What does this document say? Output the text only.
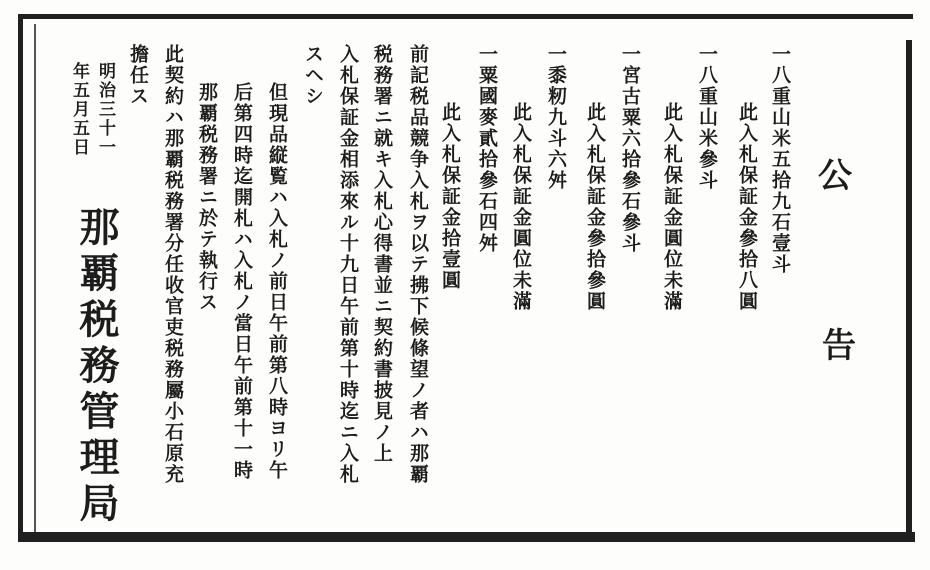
公
告
一八重山米五拾九石壹斗
此入札保証金參拾八圓
一八重山米參斗
此入札保証金圓位未滿
一宮古粟六拾參石參斗
此入札保証金參拾參圓
一黍籾九斗六舛
此入札保証金圓位未滿
一粟國麥貳拾參石四舛
此入札保証金拾壹圓
前記税品競争入札ヲ以テ拂下候條望ノ者ハ那覇
税務署ニ就キ入札心得書並ニ契約書披見ノ上
入札保証金相添來ル十九日午前第十時迄ニ入札
スヘシ
但現品縦覧ハ入札ノ前日午前第八時ヨリ午
后第四時迄開札ハ入札ノ當日午前第十一時
那覇税務署ニ於テ執行ス
此契約ハ那覇税務署分任收官吏税務屬小石原充
擔任ス
明治三十一
年五月五日
那覇税務管理局
